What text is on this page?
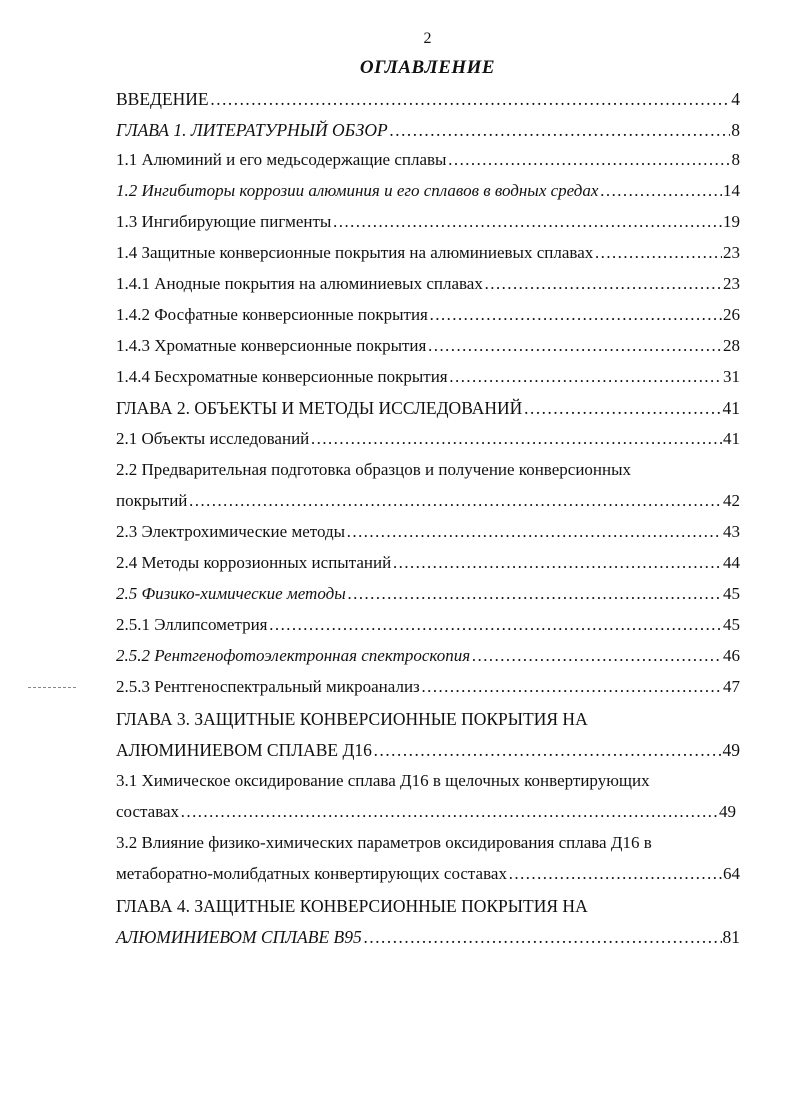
2
ОГЛАВЛЕНИЕ
ВВЕДЕНИЕ ………………………………………………………………………………………………………………………………………………………………	4
ГЛАВА 1. ЛИТЕРАТУРНЫЙ ОБЗОР ………………………………………………………………………………………………………………………………………………………………	8
1.1 Алюминий и его медьсодержащие сплавы ………………………………………………………………………………………………………………………………………………………………	8
1.2 Ингибиторы коррозии алюминия и его сплавов в водных средах ………………………………………………………………………………………………………………………………………………………………	14
1.3 Ингибирующие пигменты ………………………………………………………………………………………………………………………………………………………………	19
1.4 Защитные конверсионные покрытия на алюминиевых сплавах ………………………………………………………………………………………………………………………………………………………………	23
1.4.1 Анодные покрытия на алюминиевых сплавах ………………………………………………………………………………………………………………………………………………………………	23
1.4.2 Фосфатные конверсионные покрытия ………………………………………………………………………………………………………………………………………………………………	26
1.4.3 Хроматные конверсионные покрытия ………………………………………………………………………………………………………………………………………………………………	28
1.4.4 Бесхроматные конверсионные покрытия ………………………………………………………………………………………………………………………………………………………………	31
ГЛАВА 2. ОБЪЕКТЫ И МЕТОДЫ ИССЛЕДОВАНИЙ ………………………………………………………………………………………………………………………………………………………………	41
2.1 Объекты исследований ………………………………………………………………………………………………………………………………………………………………	41
2.2 Предварительная подготовка образцов и получение конверсионных
покрытий ………………………………………………………………………………………………………………………………………………………………	42
2.3 Электрохимические методы ………………………………………………………………………………………………………………………………………………………………	43
2.4 Методы коррозионных испытаний ………………………………………………………………………………………………………………………………………………………………	44
2.5 Физико-химические методы ………………………………………………………………………………………………………………………………………………………………	45
2.5.1 Эллипсометрия ………………………………………………………………………………………………………………………………………………………………	45
2.5.2 Рентгенофотоэлектронная спектроскопия ………………………………………………………………………………………………………………………………………………………………	46
2.5.3 Рентгеноспектральный микроанализ ………………………………………………………………………………………………………………………………………………………………	47
ГЛАВА 3. ЗАЩИТНЫЕ КОНВЕРСИОННЫЕ ПОКРЫТИЯ НА
АЛЮМИНИЕВОМ СПЛАВЕ Д16 ………………………………………………………………………………………………………………………………………………………………	49
3.1 Химическое оксидирование сплава Д16 в щелочных конвертирующих
составах ………………………………………………………………………………………………………………………………………………………………	49
3.2 Влияние физико-химических параметров оксидирования сплава Д16 в
метаборатно-молибдатных конвертирующих составах ………………………………………………………………………………………………………………………………………………………………	64
ГЛАВА 4. ЗАЩИТНЫЕ КОНВЕРСИОННЫЕ ПОКРЫТИЯ НА
АЛЮМИНИЕВОМ СПЛАВЕ В95 ………………………………………………………………………………………………………………………………………………………………	81
